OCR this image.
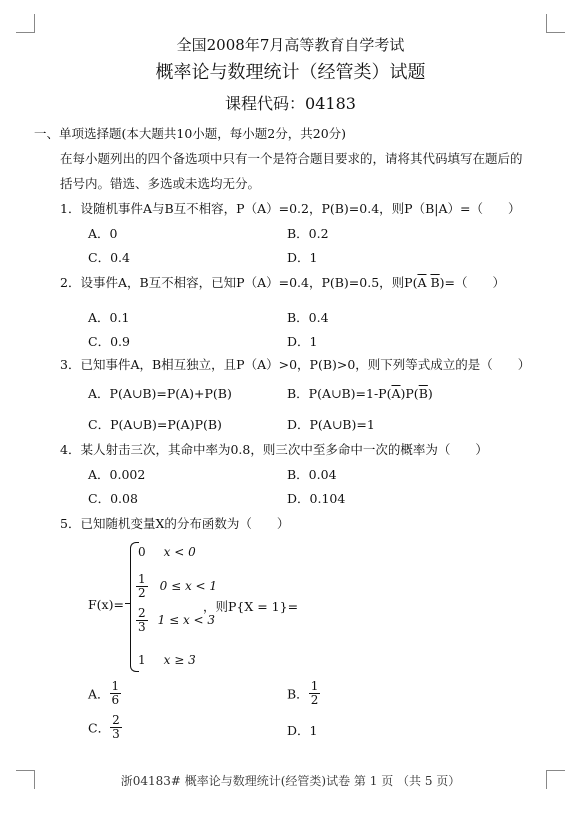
全国2008年7月高等教育自学考试
概率论与数理统计（经管类）试题
课程代码：04183
一、单项选择题(本大题共10小题，每小题2分，共20分)
在每小题列出的四个备选项中只有一个是符合题目要求的，请将其代码填写在题后的
括号内。错选、多选或未选均无分。
1．设随机事件A与B互不相容，P（A）=0.2，P(B)=0.4，则P（B|A）=（　　）
A．0	B．0.2
C．0.4	D．1
2．设事件A，B互不相容，已知P（A）=0.4，P(B)=0.5，则$P(\overline{A}$ $\overline{B})=$（　　）
A．0.1	B．0.4
C．0.9	D．1
3．已知事件A，B相互独立，且P（A）>0，P(B)>0，则下列等式成立的是（　　）
A．P(A∪B)=P(A)+P(B)	B．$P(A\cup B)=1-P(\overline{A})P(\overline{B})$
C．P(A∪B)=P(A)P(B)	D．P(A∪B)=1
4．某人射击三次，其命中率为0.8，则三次中至多命中一次的概率为（　　）
A．0.002	B．0.04
C．0.08	D．0.104
5．已知随机变量X的分布函数为（　　）
F(x)=
0 x < 0
$\frac{1}{2} 0 \le x < 1$
$\frac{2}{3} 1 \le x < 3$
1 x ≥ 3
，则P{X = 1}=
A． $\frac{1}{6}$	B． $\frac{1}{2}$
C． $\frac{2}{3}$	D．1
浙04183# 概率论与数理统计(经管类)试卷 第 1 页 （共 5 页）
